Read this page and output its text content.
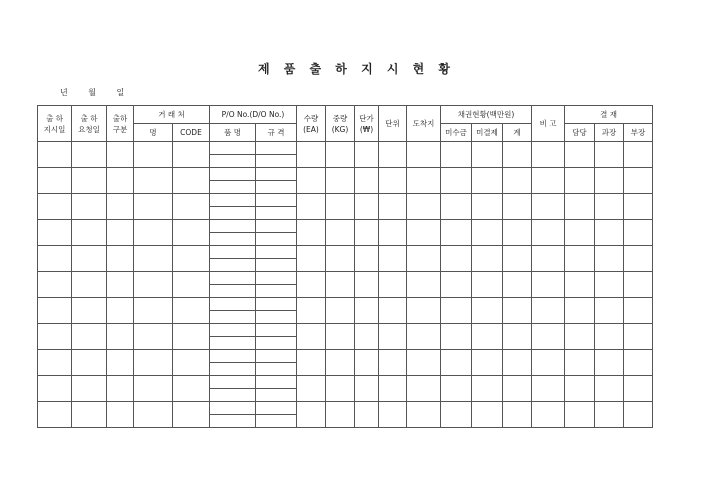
제 품 출 하 지 시 현 황
년 월 일
출 하 지시일	출 하 요청일	출하 구분	거 래 처		P/O No.(D/O No.)		수량 (EA)	중량 (KG)	단가 (₩)	단위	도착지	채권현황(백만원)			비 고	결 재		
			명	CODE	품 명	규 격						미수금	미결제	계		담당	과장	부장
